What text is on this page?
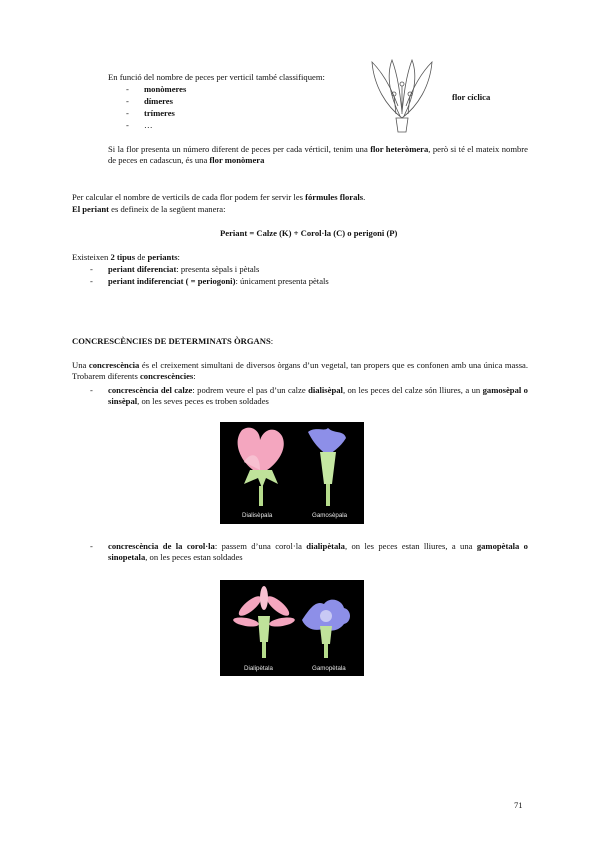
En funció del nombre de peces per verticil també classifiquem:
- monòmeres
- dímeres
- trímeres
- …
flor cíclica
Si la flor presenta un número diferent de peces per cada vérticil, tenim una flor heteròmera, però si té el mateix nombre de peces en cadascun, és una flor monòmera
Per calcular el nombre de verticils de cada flor podem fer servir les fórmules florals.
El periant es defineix de la següent manera:
Periant = Calze (K) + Corol·la (C) o perigoni (P)
Existeixen 2 tipus de periants:
- periant diferenciat: presenta sèpals i pètals
- periant indiferenciat ( = periogoni): únicament presenta pètals
CONCRESCÈNCIES DE DETERMINATS ÒRGANS:
Una concrescència és el creixement simultani de diversos òrgans d’un vegetal, tan propers que es confonen amb una única massa. Trobarem diferents concrescències:
- concrescència del calze: podrem veure el pas d’un calze dialisèpal, on les peces del calze són lliures, a un gamosèpal o sinsèpal, on les seves peces es troben soldades
Dialisèpala	Gamosèpala
- concrescència de la corol·la: passem d’una corol·la dialipètala, on les peces estan lliures, a una gamopètala o sinopetala, on les peces estan soldades
Dialipètala	Gamopètala
71
